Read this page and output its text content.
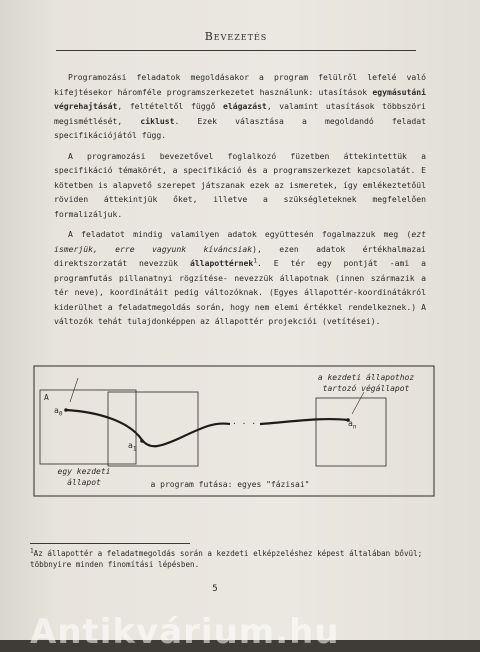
Bevezetés

Programozási feladatok megoldásakor a program felülről lefelé való kifejtésekor háromféle programszerkezetet használunk: utasítások egymásutáni végrehajtását, feltételtől függő elágazást, valamint utasítások többszöri megismétlését, ciklust. Ezek választása a megoldandó feladat specifikációjától függ.

A programozási bevezetővel foglalkozó füzetben áttekintettük a specifikáció témakörét, a specifikáció és a programszerkezet kapcsolatát. E kötetben is alapvető szerepet játszanak ezek az ismeretek, így emlékeztetőül röviden áttekintjük őket, illetve a szükségleteknek megfelelően formalizáljuk.

A feladatot mindig valamilyen adatok együttesén fogalmazzuk meg (ezt ismerjük, erre vagyunk kíváncsiak), ezen adatok értékhalmazai direktszorzatát nevezzük állapottérnek$^1$. E tér egy pontját -ami a programfutás pillanatnyi rögzítése- nevezzük állapotnak (innen származik a tér neve), koordinátáit pedig változóknak. (Egyes állapottér-koordinátákról kiderülhet a feladatmegoldás során, hogy nem elemi értékkel rendelkeznek.) A változók tehát tulajdonképpen az állapottér projekciói (vetítései).

A
$a_0$
$a_1$
$a_n$
· · ·
egy kezdeti
állapot
a kezdeti állapothoz
tartozó végállapot
a program futása: egyes "fázisai"
$^1$Az állapottér a feladatmegoldás során a kezdeti elképzeléshez képest általában bővül; többnyire minden finomítási lépésben.
5
Antikvárium.hu
